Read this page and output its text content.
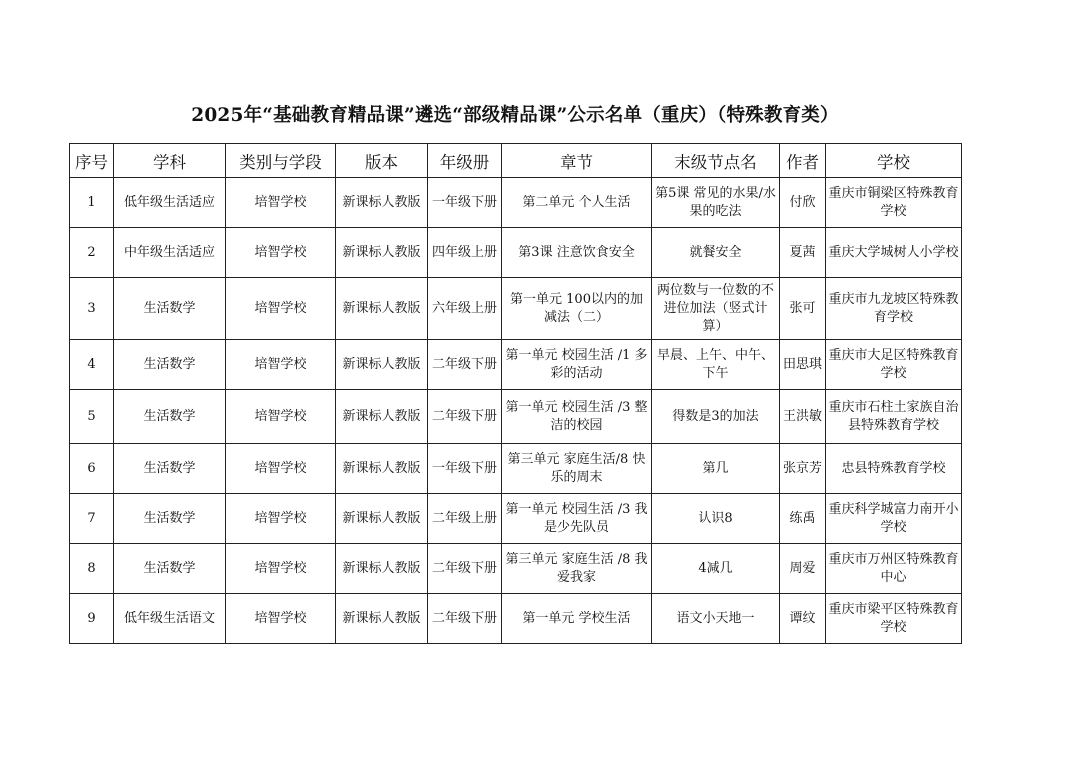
2025年“基础教育精品课”遴选“部级精品课”公示名单（重庆）（特殊教育类）
序号	学科	类别与学段	版本	年级册	章节	末级节点名	作者	学校
1	低年级生活适应	培智学校	新课标人教版	一年级下册	第二单元 个人生活	第5课 常见的水果/水果的吃法	付欣	重庆市铜梁区特殊教育学校
2	中年级生活适应	培智学校	新课标人教版	四年级上册	第3课 注意饮食安全	就餐安全	夏茜	重庆大学城树人小学校
3	生活数学	培智学校	新课标人教版	六年级上册	第一单元 100以内的加减法（二）	两位数与一位数的不进位加法（竖式计算）	张可	重庆市九龙坡区特殊教育学校
4	生活数学	培智学校	新课标人教版	二年级下册	第一单元 校园生活 /1 多彩的活动	早晨、上午、中午、下午	田思琪	重庆市大足区特殊教育学校
5	生活数学	培智学校	新课标人教版	二年级下册	第一单元 校园生活 /3 整洁的校园	得数是3的加法	王洪敏	重庆市石柱土家族自治县特殊教育学校
6	生活数学	培智学校	新课标人教版	一年级下册	第三单元 家庭生活/8 快乐的周末	第几	张京芳	忠县特殊教育学校
7	生活数学	培智学校	新课标人教版	二年级上册	第一单元 校园生活 /3 我是少先队员	认识8	练禹	重庆科学城富力南开小学校
8	生活数学	培智学校	新课标人教版	二年级下册	第三单元 家庭生活 /8 我爱我家	4减几	周爱	重庆市万州区特殊教育中心
9	低年级生活语文	培智学校	新课标人教版	二年级下册	第一单元 学校生活	语文小天地一	谭纹	重庆市梁平区特殊教育学校
